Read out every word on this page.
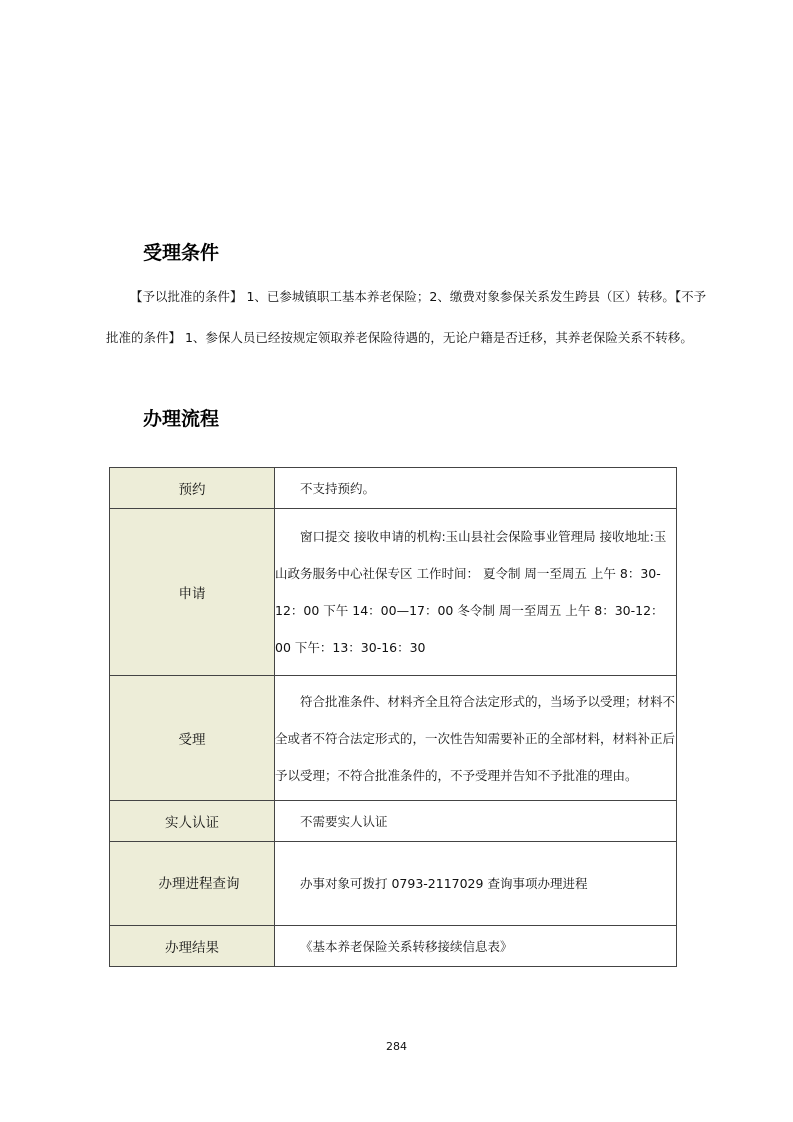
受理条件
【予以批准的条件】 1、已参城镇职工基本养老保险；2、缴费对象参保关系发生跨县（区）转移。【不予
批准的条件】 1、参保人员已经按规定领取养老保险待遇的，无论户籍是否迁移，其养老保险关系不转移。
办理流程
预约	不支持预约。

申请	窗口提交 接收申请的机构:玉山县社会保险事业管理局 接收地址:玉山政务服务中心社保专区 工作时间： 夏令制 周一至周五 上午 8：30-12：00 下午 14：00—17：00 冬令制 周一至周五 上午 8：30-12：00 下午：13：30-16：30

受理	符合批准条件、材料齐全且符合法定形式的，当场予以受理；材料不全或者不符合法定形式的，一次性告知需要补正的全部材料，材料补正后予以受理；不符合批准条件的，不予受理并告知不予批准的理由。

实人认证	不需要实人认证

办理进程查询	办事对象可拨打 0793-2117029 查询事项办理进程

办理结果	《基本养老保险关系转移接续信息表》
284
